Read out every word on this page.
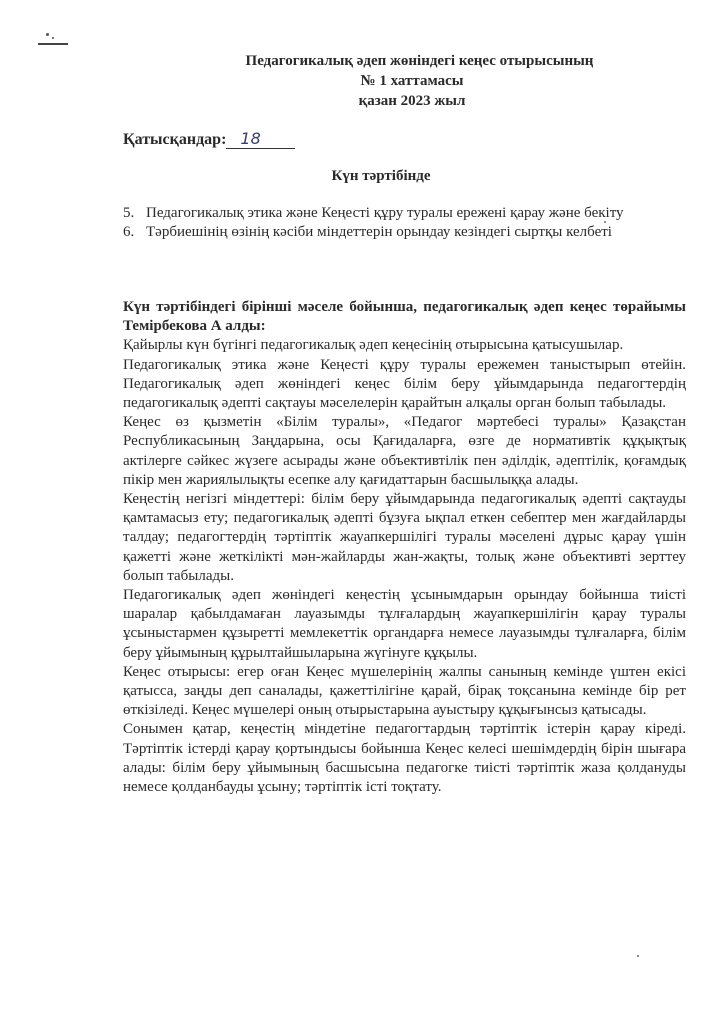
Педагогикалық әдеп жөніндегі кеңес отырысының
№ 1 хаттамасы
қазан 2023 жыл
Қатысқандар: 18
Күн тәртібінде
5. Педагогикалық этика және Кеңесті құру туралы ережені қарау және бекіту
6. Тәрбиешінің өзінің кәсіби міндеттерін орындау кезіндегі сыртқы келбеті

Күн тәртібіндегі бірінші мәселе бойынша, педагогикалық әдеп кеңес төрайымы Темірбекова А алды:

Қайырлы күн бүгінгі педагогикалық әдеп кеңесінің отырысына қатысушылар.

Педагогикалық этика және Кеңесті құру туралы ережемен таныстырып өтейін. Педагогикалық әдеп жөніндегі кеңес білім беру ұйымдарында педагогтердің педагогикалық әдепті сақтауы мәселелерін қарайтын алқалы орган болып табылады.

Кеңес өз қызметін «Білім туралы», «Педагог мәртебесі туралы» Қазақстан Республикасының Заңдарына, осы Қағидаларға, өзге де нормативтік құқықтық актілерге сәйкес жүзеге асырады және объективтілік пен әділдік, әдептілік, қоғамдық пікір мен жариялылықты есепке алу қағидаттарын басшылыққа алады.

Кеңестің негізгі міндеттері: білім беру ұйымдарында педагогикалық әдепті сақтауды қамтамасыз ету; педагогикалық әдепті бұзуға ықпал еткен себептер мен жағдайларды талдау; педагогтердің тәртіптік жауапкершілігі туралы мәселені дұрыс қарау үшін қажетті және жеткілікті мән-жайларды жан-жақты, толық және объективті зерттеу болып табылады.

Педагогикалық әдеп жөніндегі кеңестің ұсынымдарын орындау бойынша тиісті шаралар қабылдамаған лауазымды тұлғалардың жауапкершілігін қарау туралы ұсыныстармен құзыретті мемлекеттік органдарға немесе лауазымды тұлғаларға, білім беру ұйымының құрылтайшыларына жүгінуге құқылы.

Кеңес отырысы: егер оған Кеңес мүшелерінің жалпы санының кемінде үштен екісі қатысса, заңды деп саналады, қажеттілігіне қарай, бірақ тоқсанына кемінде бір рет өткізіледі. Кеңес мүшелері оның отырыстарына ауыстыру құқығынсыз қатысады.

Сонымен қатар, кеңестің міндетіне педагогтардың тәртіптік істерін қарау кіреді. Тәртіптік істерді қарау қортындысы бойынша Кеңес келесі шешімдердің бірін шығара алады: білім беру ұйымының басшысына педагогке тиісті тәртіптік жаза қолдануды немесе қолданбауды ұсыну; тәртіптік істі тоқтату.
